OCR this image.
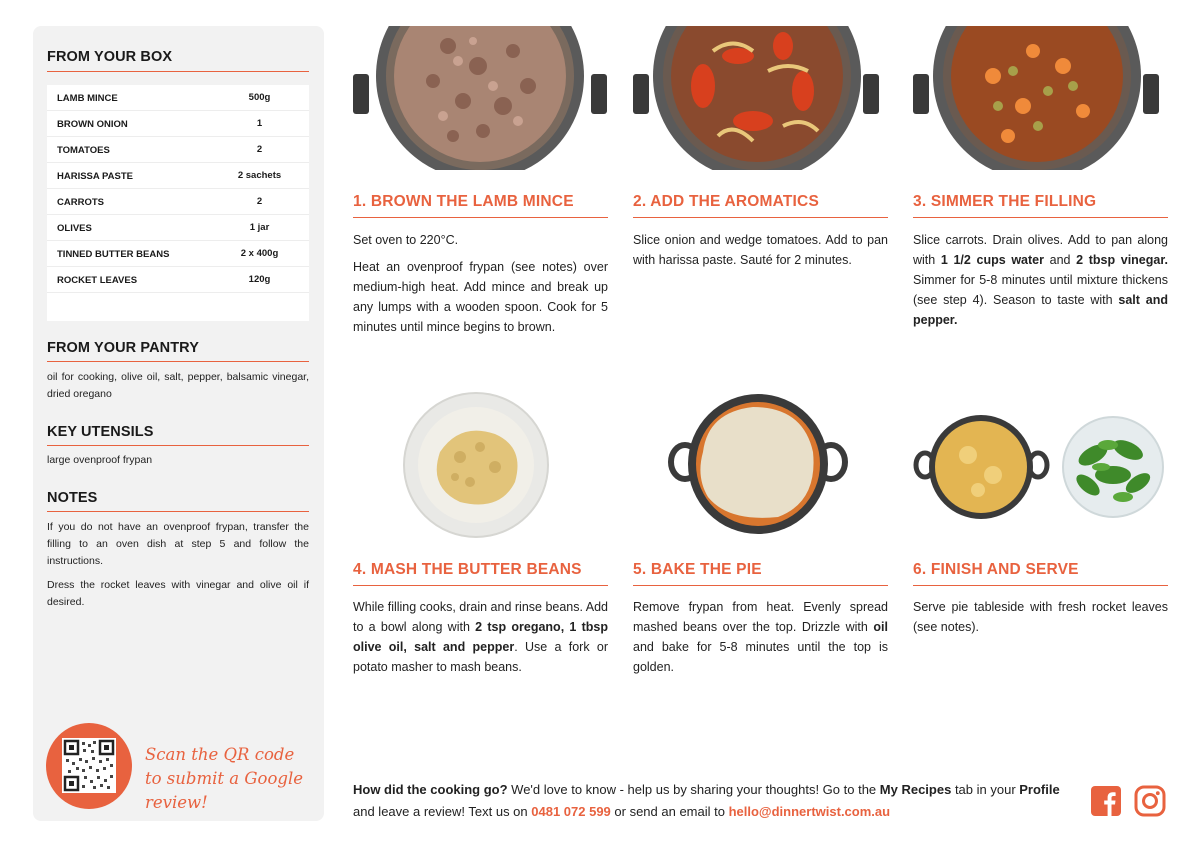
FROM YOUR BOX
LAMB MINCE	500g
BROWN ONION	1
TOMATOES	2
HARISSA PASTE	2 sachets
CARROTS	2
OLIVES	1 jar
TINNED BUTTER BEANS	2 x 400g
ROCKET LEAVES	120g
FROM YOUR PANTRY
oil for cooking, olive oil, salt, pepper, balsamic vinegar, dried oregano
KEY UTENSILS
large ovenproof frypan
NOTES
If you do not have an ovenproof frypan, transfer the filling to an oven dish at step 5 and follow the instructions.
Dress the rocket leaves with vinegar and olive oil if desired.
Scan the QR code to submit a Google review!
1. BROWN THE LAMB MINCE	2. ADD THE AROMATICS	3. SIMMER THE FILLING
4. MASH THE BUTTER BEANS	5. BAKE THE PIE	6. FINISH AND SERVE

Set oven to 220°C.

Heat an ovenproof frypan (see notes) over medium-high heat. Add mince and break up any lumps with a wooden spoon. Cook for 5 minutes until mince begins to brown.

Slice onion and wedge tomatoes. Add to pan with harissa paste. Sauté for 2 minutes.

Slice carrots. Drain olives. Add to pan along with 1 1/2 cups water and 2 tbsp vinegar. Simmer for 5-8 minutes until mixture thickens (see step 4). Season to taste with salt and pepper.

While filling cooks, drain and rinse beans. Add to a bowl along with 2 tsp oregano, 1 tbsp olive oil, salt and pepper. Use a fork or potato masher to mash beans.

Remove frypan from heat. Evenly spread mashed beans over the top. Drizzle with oil and bake for 5-8 minutes until the top is golden.

Serve pie tableside with fresh rocket leaves (see notes).

How did the cooking go? We'd love to know - help us by sharing your thoughts! Go to the My Recipes tab in your Profile and leave a review! Text us on 0481 072 599 or send an email to hello@dinnertwist.com.au
